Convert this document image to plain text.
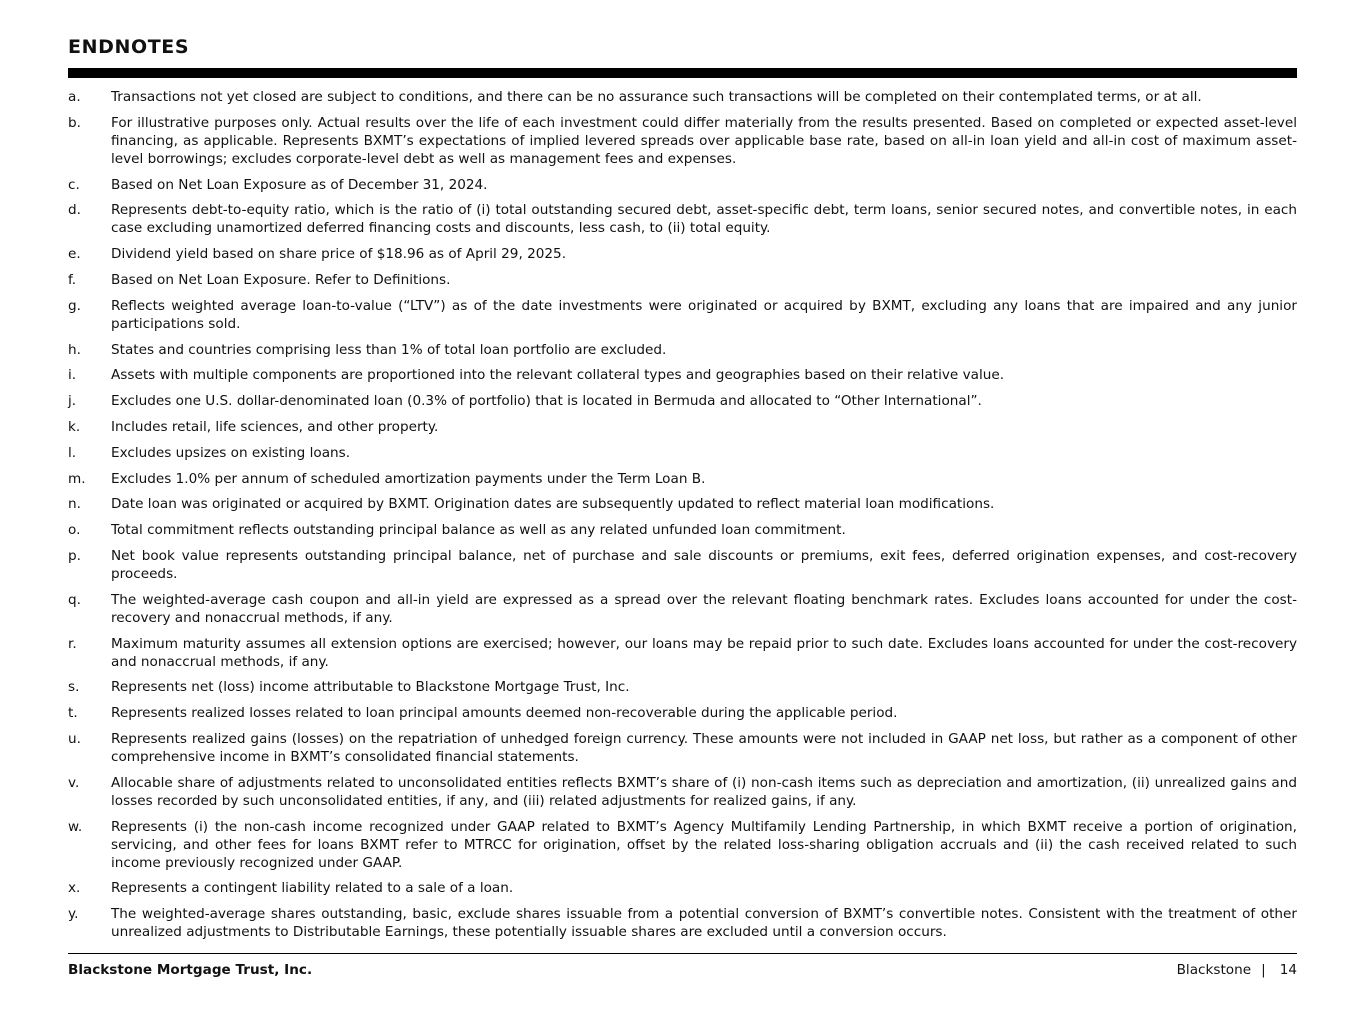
ENDNOTES
a.	Transactions not yet closed are subject to conditions, and there can be no assurance such transactions will be completed on their contemplated terms, or at all.
b.	For illustrative purposes only. Actual results over the life of each investment could differ materially from the results presented. Based on completed or expected asset-level financing, as applicable. Represents BXMT’s expectations of implied levered spreads over applicable base rate, based on all-in loan yield and all-in cost of maximum asset-level borrowings; excludes corporate-level debt as well as management fees and expenses.
c.	Based on Net Loan Exposure as of December 31, 2024.
d.	Represents debt-to-equity ratio, which is the ratio of (i) total outstanding secured debt, asset-specific debt, term loans, senior secured notes, and convertible notes, in each case excluding unamortized deferred financing costs and discounts, less cash, to (ii) total equity.
e.	Dividend yield based on share price of $18.96 as of April 29, 2025.
f.	Based on Net Loan Exposure. Refer to Definitions.
g.	Reflects weighted average loan-to-value (“LTV”) as of the date investments were originated or acquired by BXMT, excluding any loans that are impaired and any junior participations sold.
h.	States and countries comprising less than 1% of total loan portfolio are excluded.
i.	Assets with multiple components are proportioned into the relevant collateral types and geographies based on their relative value.
j.	Excludes one U.S. dollar-denominated loan (0.3% of portfolio) that is located in Bermuda and allocated to “Other International”.
k.	Includes retail, life sciences, and other property.
l.	Excludes upsizes on existing loans.
m.	Excludes 1.0% per annum of scheduled amortization payments under the Term Loan B.
n.	Date loan was originated or acquired by BXMT. Origination dates are subsequently updated to reflect material loan modifications.
o.	Total commitment reflects outstanding principal balance as well as any related unfunded loan commitment.
p.	Net book value represents outstanding principal balance, net of purchase and sale discounts or premiums, exit fees, deferred origination expenses, and cost-recovery proceeds.
q.	The weighted-average cash coupon and all-in yield are expressed as a spread over the relevant floating benchmark rates. Excludes loans accounted for under the cost-recovery and nonaccrual methods, if any.
r.	Maximum maturity assumes all extension options are exercised; however, our loans may be repaid prior to such date. Excludes loans accounted for under the cost-recovery and nonaccrual methods, if any.
s.	Represents net (loss) income attributable to Blackstone Mortgage Trust, Inc.
t.	Represents realized losses related to loan principal amounts deemed non-recoverable during the applicable period.
u.	Represents realized gains (losses) on the repatriation of unhedged foreign currency. These amounts were not included in GAAP net loss, but rather as a component of other comprehensive income in BXMT’s consolidated financial statements.
v.	Allocable share of adjustments related to unconsolidated entities reflects BXMT’s share of (i) non-cash items such as depreciation and amortization, (ii) unrealized gains and losses recorded by such unconsolidated entities, if any, and (iii) related adjustments for realized gains, if any.
w.	Represents (i) the non-cash income recognized under GAAP related to BXMT’s Agency Multifamily Lending Partnership, in which BXMT receive a portion of origination, servicing, and other fees for loans BXMT refer to MTRCC for origination, offset by the related loss-sharing obligation accruals and (ii) the cash received related to such income previously recognized under GAAP.
x.	Represents a contingent liability related to a sale of a loan.
y.	The weighted-average shares outstanding, basic, exclude shares issuable from a potential conversion of BXMT’s convertible notes. Consistent with the treatment of other unrealized adjustments to Distributable Earnings, these potentially issuable shares are excluded until a conversion occurs.
Blackstone Mortgage Trust, Inc.	Blackstone | 14
